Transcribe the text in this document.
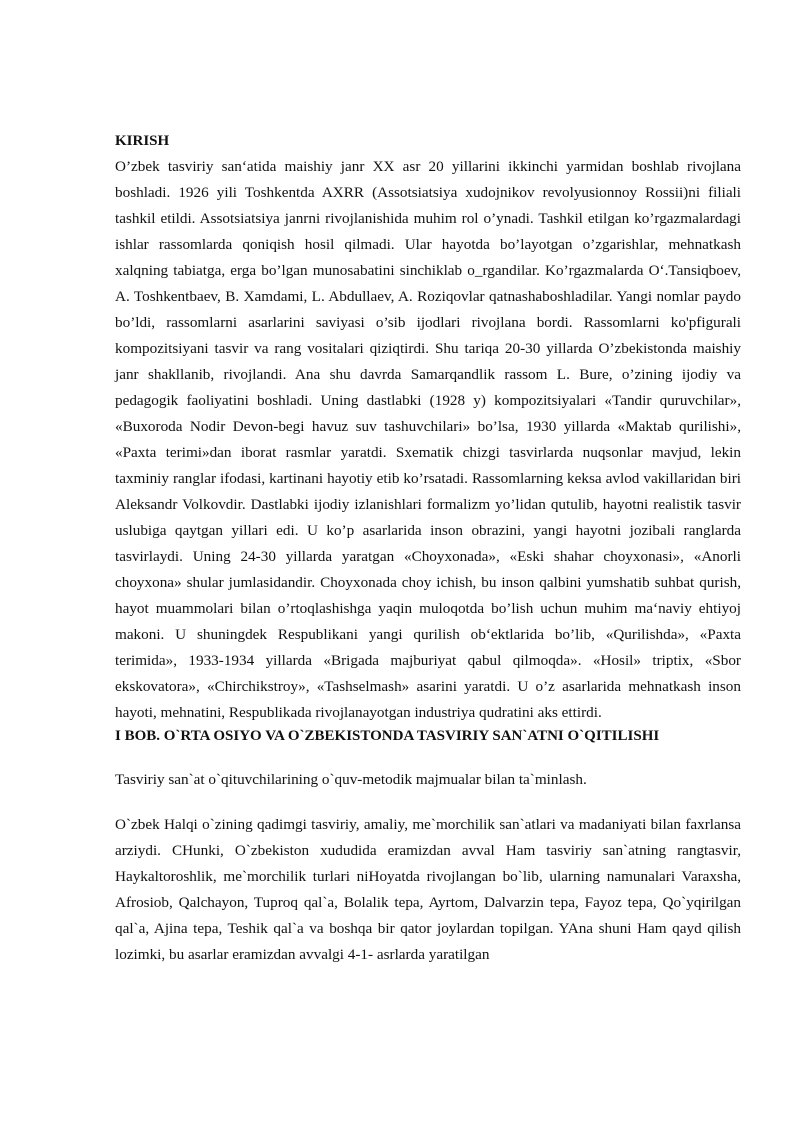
KIRISH

O’zbek tasviriy san‘atida maishiy janr XX asr 20 yillarini ikkinchi yarmidan boshlab rivojlana boshladi. 1926 yili Toshkentda AXRR (Assotsiatsiya xudojnikov revolyusionnoy Rossii)ni filiali tashkil etildi. Assotsiatsiya janrni rivojlanishida muhim rol o’ynadi. Tashkil etilgan ko’rgazmalardagi ishlar rassomlarda qoniqish hosil qilmadi. Ular hayotda bo’layotgan o’zgarishlar, mehnatkash xalqning tabiatga, erga bo’lgan munosabatini sinchiklab o_rgandilar. Ko’rgazmalarda O‘.Tansiqboev, A. Toshkentbaev, B. Xamdami, L. Abdullaev, A. Roziqovlar qatnashaboshladilar. Yangi nomlar paydo bo’ldi, rassomlarni asarlarini saviyasi o’sib ijodlari rivojlana bordi. Rassomlarni ko'pfigurali kompozitsiyani tasvir va rang vositalari qiziqtirdi. Shu tariqa 20-30 yillarda O’zbekistonda maishiy janr shakllanib, rivojlandi. Ana shu davrda Samarqandlik rassom L. Bure, o’zining ijodiy va pedagogik faoliyatini boshladi. Uning dastlabki (1928 y) kompozitsiyalari «Tandir quruvchilar», «Buxoroda Nodir Devon-begi havuz suv tashuvchilari» bo’lsa, 1930 yillarda «Maktab qurilishi», «Paxta terimi»dan iborat rasmlar yaratdi. Sxematik chizgi tasvirlarda nuqsonlar mavjud, lekin taxminiy ranglar ifodasi, kartinani hayotiy etib ko’rsatadi. Rassomlarning keksa avlod vakillaridan biri Aleksandr Volkovdir. Dastlabki ijodiy izlanishlari formalizm yo’lidan qutulib, hayotni realistik tasvir uslubiga qaytgan yillari edi. U ko’p asarlarida inson obrazini, yangi hayotni jozibali ranglarda tasvirlaydi. Uning 24-30 yillarda yaratgan «Choyxonada», «Eski shahar choyxonasi», «Anorli choyxona» shular jumlasidandir. Choyxonada choy ichish, bu inson qalbini yumshatib suhbat qurish, hayot muammolari bilan o’rtoqlashishga yaqin muloqotda bo’lish uchun muhim ma‘naviy ehtiyoj makoni. U shuningdek Respublikani yangi qurilish ob‘ektlarida bo’lib, «Qurilishda», «Paxta terimida», 1933-1934 yillarda «Brigada majburiyat qabul qilmoqda». «Hosil» triptix, «Sbor ekskovatora», «Chirchikstroy», «Tashselmash» asarini yaratdi. U o’z asarlarida mehnatkash inson hayoti, mehnatini, Respublikada rivojlanayotgan industriya qudratini aks ettirdi.

I BOB. O`RTA OSIYO VA O`ZBEKISTONDA TASVIRIY SAN`ATNI O`QITILISHI

Tasviriy san`at o`qituvchilarining o`quv-metodik majmualar bilan ta`minlash.

O`zbek Halqi o`zining qadimgi tasviriy, amaliy, me`morchilik san`atlari va madaniyati bilan faxrlansa arziydi. CHunki, O`zbekiston xududida eramizdan avval Ham tasviriy san`atning rangtasvir, Haykaltoroshlik, me`morchilik turlari niHoyatda rivojlangan bo`lib, ularning namunalari Varaxsha, Afrosiob, Qalchayon, Tuproq qal`a, Bolalik tepa, Ayrtom, Dalvarzin tepa, Fayoz tepa, Qo`yqirilgan qal`a, Ajina tepa, Teshik qal`a va boshqa bir qator joylardan topilgan. YAna shuni Ham qayd qilish lozimki, bu asarlar eramizdan avvalgi 4-1- asrlarda yaratilgan
